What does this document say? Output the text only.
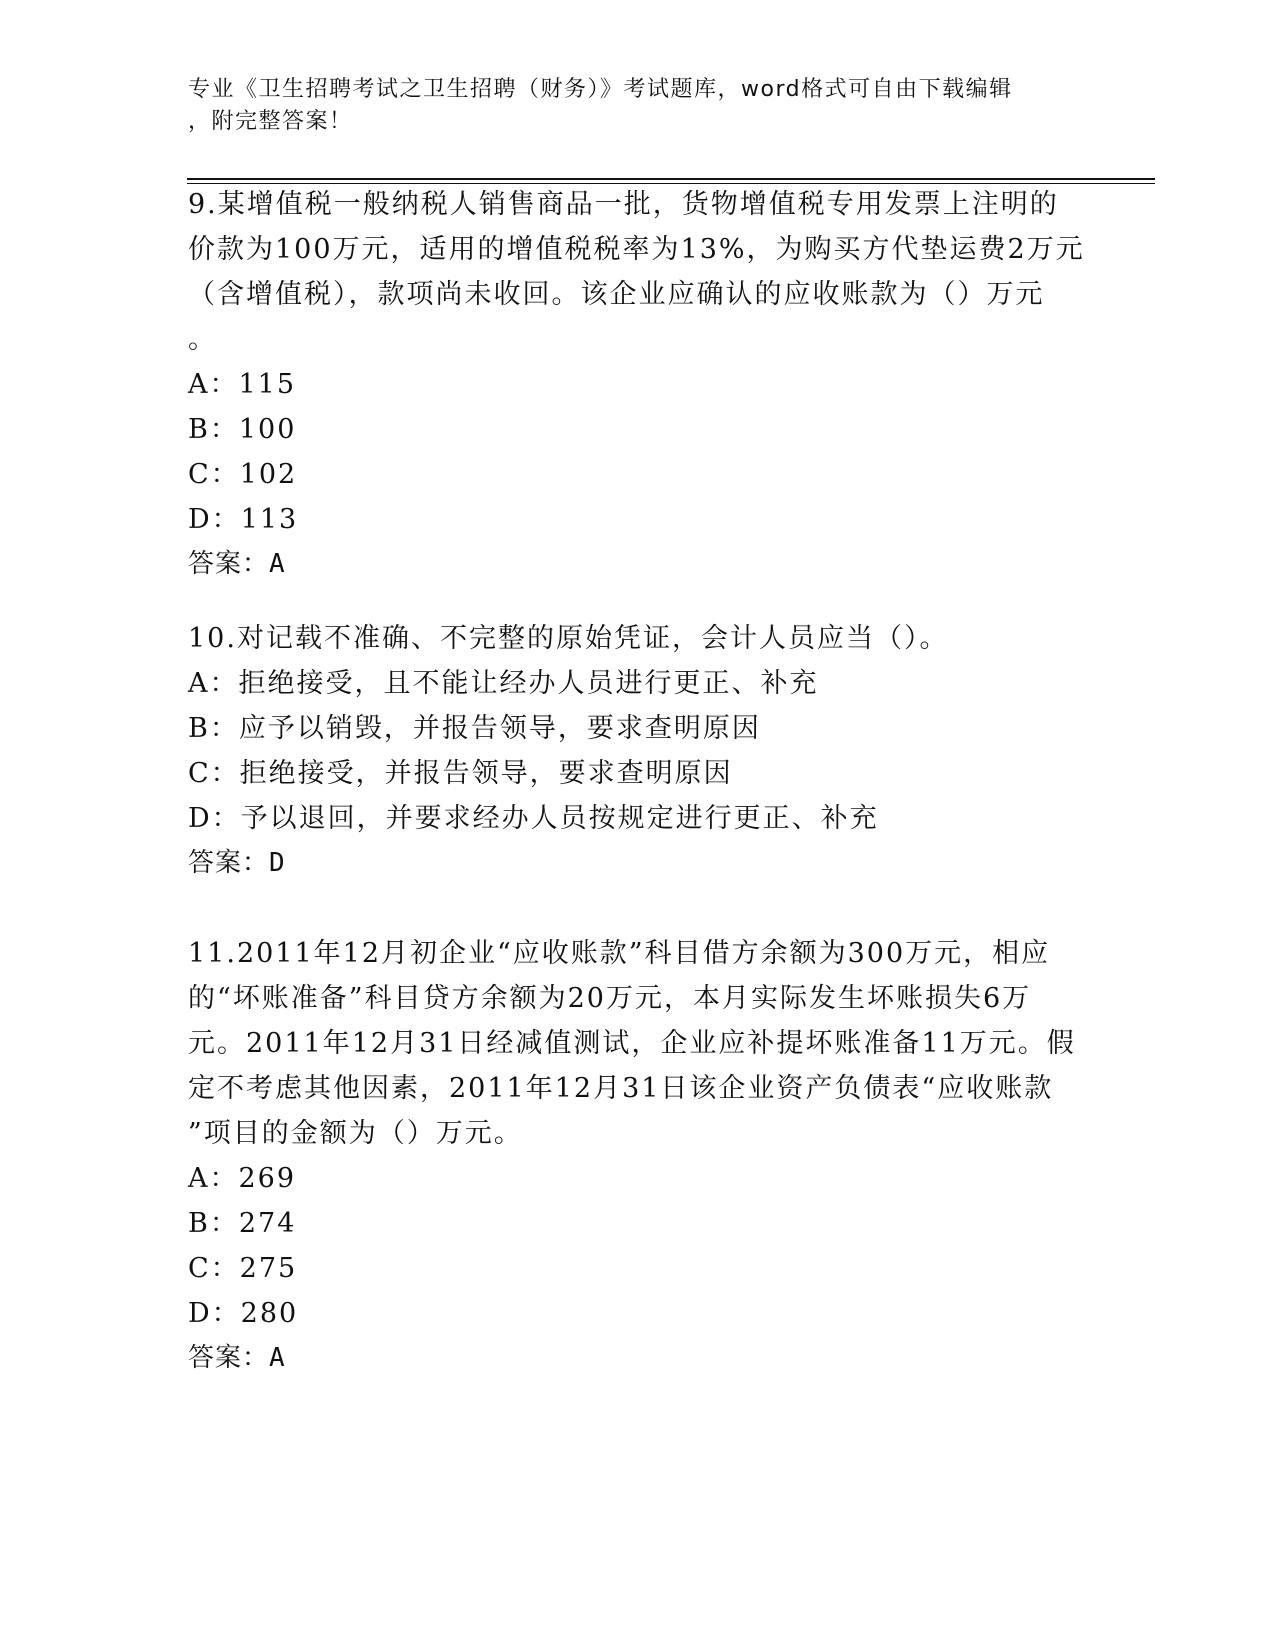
专业《卫生招聘考试之卫生招聘（财务）》考试题库，word格式可自由下载编辑
，附完整答案！

9.某增值税一般纳税人销售商品一批，货物增值税专用发票上注明的

价款为100万元，适用的增值税税率为13%，为购买方代垫运费2万元

（含增值税），款项尚未收回。该企业应确认的应收账款为（）万元

。

A：115

B：100

C：102

D：113

答案：A

10.对记载不准确、不完整的原始凭证，会计人员应当（）。

A：拒绝接受，且不能让经办人员进行更正、补充

B：应予以销毁，并报告领导，要求查明原因

C：拒绝接受，并报告领导，要求查明原因

D：予以退回，并要求经办人员按规定进行更正、补充

答案：D

11.2011年12月初企业“应收账款”科目借方余额为300万元，相应

的“坏账准备”科目贷方余额为20万元，本月实际发生坏账损失6万

元。2011年12月31日经减值测试，企业应补提坏账准备11万元。假

定不考虑其他因素，2011年12月31日该企业资产负债表“应收账款

”项目的金额为（）万元。

A：269

B：274

C：275

D：280

答案：A
